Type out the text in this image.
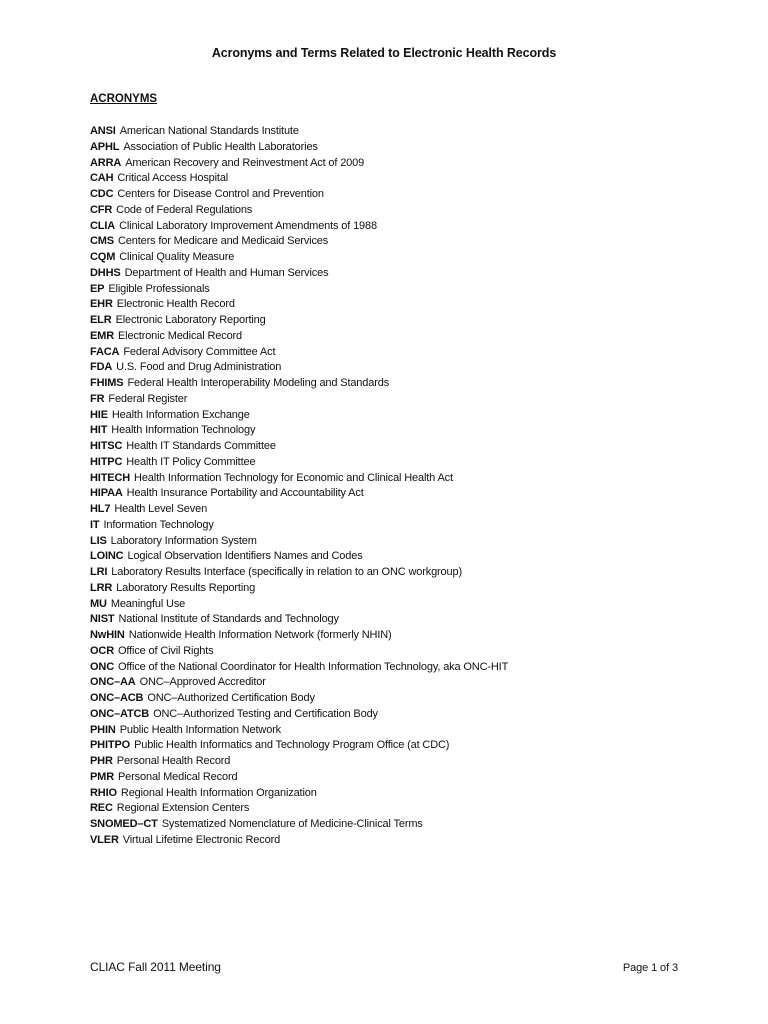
Acronyms and Terms Related to Electronic Health Records
ACRONYMS
ANSI American National Standards Institute
APHL Association of Public Health Laboratories
ARRA American Recovery and Reinvestment Act of 2009
CAH Critical Access Hospital
CDC Centers for Disease Control and Prevention
CFR Code of Federal Regulations
CLIA Clinical Laboratory Improvement Amendments of 1988
CMS Centers for Medicare and Medicaid Services
CQM Clinical Quality Measure
DHHS Department of Health and Human Services
EP Eligible Professionals
EHR Electronic Health Record
ELR Electronic Laboratory Reporting
EMR Electronic Medical Record
FACA Federal Advisory Committee Act
FDA U.S. Food and Drug Administration
FHIMS Federal Health Interoperability Modeling and Standards
FR Federal Register
HIE Health Information Exchange
HIT Health Information Technology
HITSC Health IT Standards Committee
HITPC Health IT Policy Committee
HITECH Health Information Technology for Economic and Clinical Health Act
HIPAA Health Insurance Portability and Accountability Act
HL7 Health Level Seven
IT Information Technology
LIS Laboratory Information System
LOINC Logical Observation Identifiers Names and Codes
LRI Laboratory Results Interface (specifically in relation to an ONC workgroup)
LRR Laboratory Results Reporting
MU Meaningful Use
NIST National Institute of Standards and Technology
NwHIN Nationwide Health Information Network (formerly NHIN)
OCR Office of Civil Rights
ONC Office of the National Coordinator for Health Information Technology, aka ONC-HIT
ONC–AA ONC–Approved Accreditor
ONC–ACB ONC–Authorized Certification Body
ONC–ATCB ONC–Authorized Testing and Certification Body
PHIN Public Health Information Network
PHITPO Public Health Informatics and Technology Program Office (at CDC)
PHR Personal Health Record
PMR Personal Medical Record
RHIO Regional Health Information Organization
REC Regional Extension Centers
SNOMED–CT Systematized Nomenclature of Medicine-Clinical Terms
VLER Virtual Lifetime Electronic Record
CLIAC Fall 2011 Meeting	Page 1 of 3
